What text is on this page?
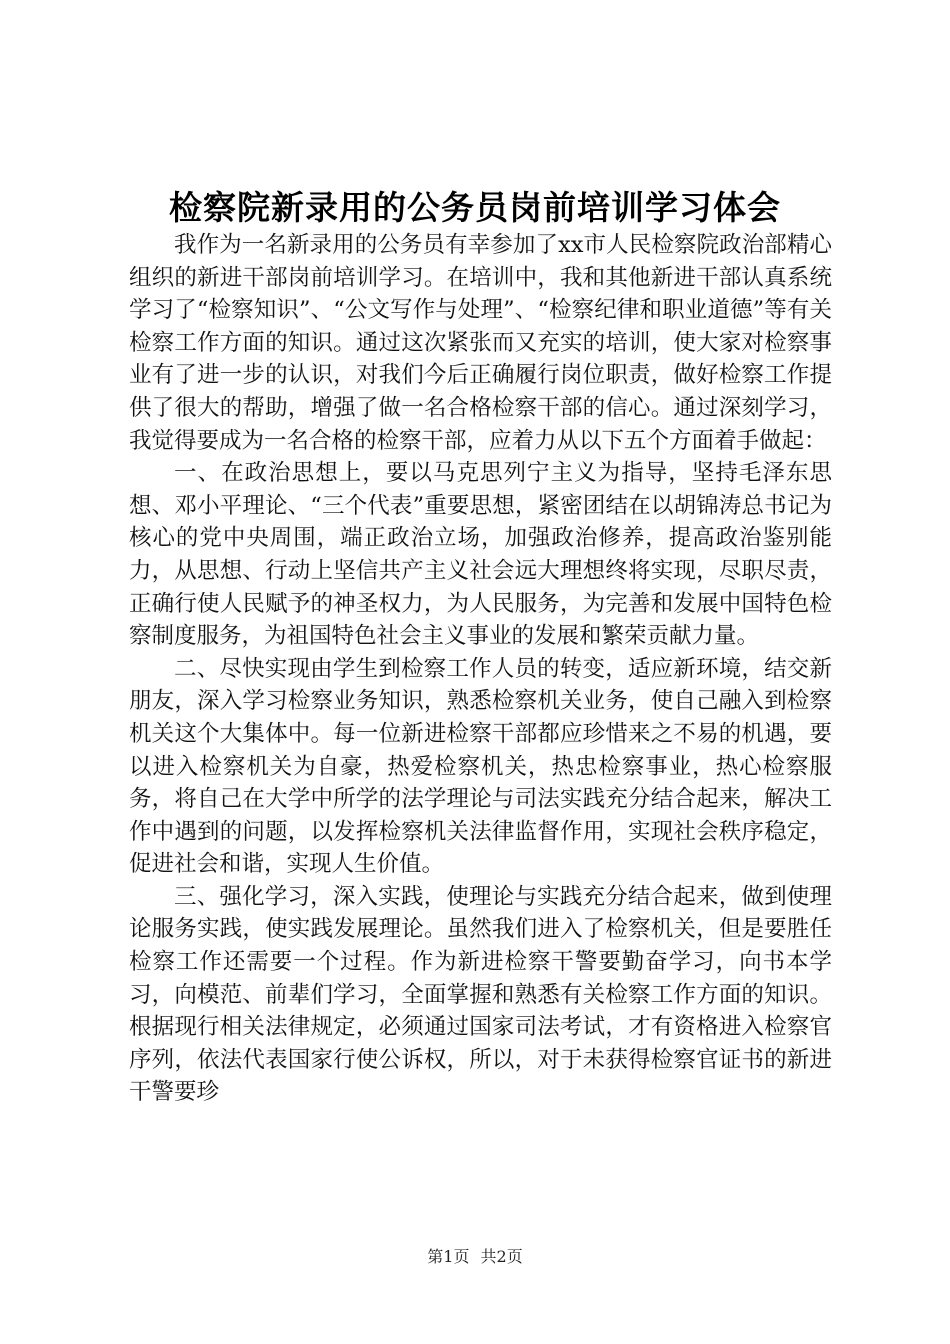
检察院新录用的公务员岗前培训学习体会

我作为一名新录用的公务员有幸参加了xx市人民检察院政治部精心组织的新进干部岗前培训学习。在培训中，我和其他新进干部认真系统学习了“检察知识”、“公文写作与处理”、“检察纪律和职业道德”等有关检察工作方面的知识。通过这次紧张而又充实的培训，使大家对检察事业有了进一步的认识，对我们今后正确履行岗位职责，做好检察工作提供了很大的帮助，增强了做一名合格检察干部的信心。通过深刻学习，我觉得要成为一名合格的检察干部，应着力从以下五个方面着手做起：

一、在政治思想上，要以马克思列宁主义为指导，坚持毛泽东思想、邓小平理论、“三个代表”重要思想，紧密团结在以胡锦涛总书记为核心的党中央周围，端正政治立场，加强政治修养，提高政治鉴别能力，从思想、行动上坚信共产主义社会远大理想终将实现，尽职尽责，正确行使人民赋予的神圣权力，为人民服务，为完善和发展中国特色检察制度服务，为祖国特色社会主义事业的发展和繁荣贡献力量。

二、尽快实现由学生到检察工作人员的转变，适应新环境，结交新朋友，深入学习检察业务知识，熟悉检察机关业务，使自己融入到检察机关这个大集体中。每一位新进检察干部都应珍惜来之不易的机遇，要以进入检察机关为自豪，热爱检察机关，热忠检察事业，热心检察服务，将自己在大学中所学的法学理论与司法实践充分结合起来，解决工作中遇到的问题，以发挥检察机关法律监督作用，实现社会秩序稳定，促进社会和谐，实现人生价值。

三、强化学习，深入实践，使理论与实践充分结合起来，做到使理论服务实践，使实践发展理论。虽然我们进入了检察机关，但是要胜任检察工作还需要一个过程。作为新进检察干警要勤奋学习，向书本学习，向模范、前辈们学习，全面掌握和熟悉有关检察工作方面的知识。根据现行相关法律规定，必须通过国家司法考试，才有资格进入检察官序列，依法代表国家行使公诉权，所以，对于未获得检察官证书的新进干警要珍

第1页 共2页
